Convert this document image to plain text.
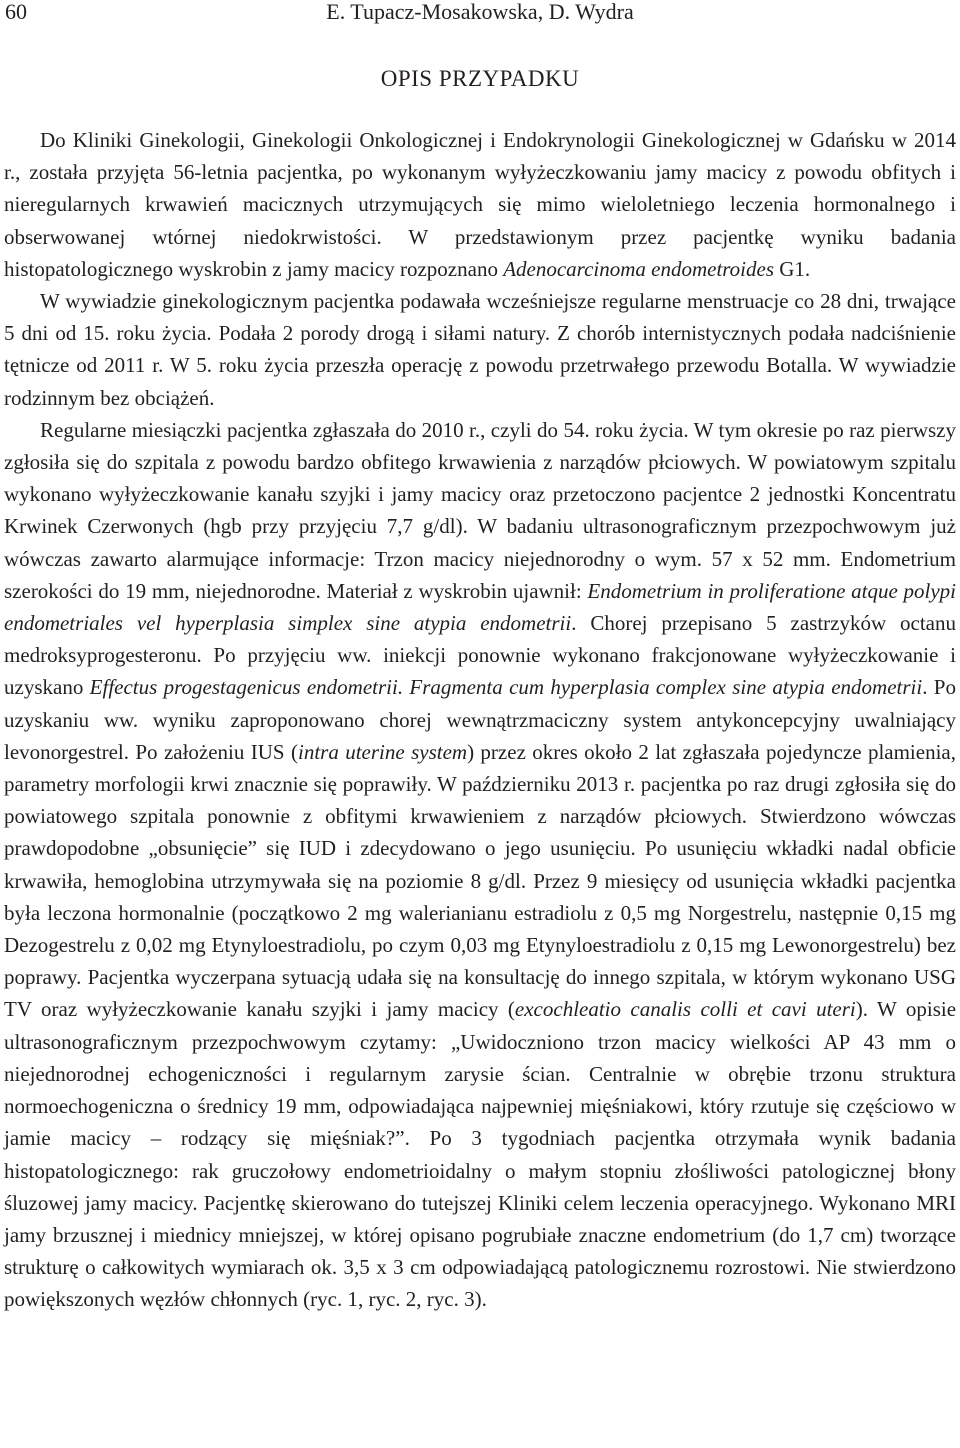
60	E. Tupacz-Mosakowska, D. Wydra
OPIS PRZYPADKU

Do Kliniki Ginekologii, Ginekologii Onkologicznej i Endokrynologii Ginekologicznej w Gdańsku w 2014 r., została przyjęta 56-letnia pacjentka, po wykonanym wyłyżeczkowaniu jamy macicy z powodu obfitych i nieregularnych krwawień macicznych utrzymujących się mimo wieloletniego leczenia hormonalnego i obserwowanej wtórnej niedokrwistości. W przedstawionym przez pacjentkę wyniku badania histopatologicznego wyskrobin z jamy macicy rozpoznano Adenocarcinoma endometroides G1.

W wywiadzie ginekologicznym pacjentka podawała wcześniejsze regularne menstruacje co 28 dni, trwające 5 dni od 15. roku życia. Podała 2 porody drogą i siłami natury. Z chorób internistycznych podała nadciśnienie tętnicze od 2011 r. W 5. roku życia przeszła operację z powodu przetrwałego przewodu Botalla. W wywiadzie rodzinnym bez obciążeń.

Regularne miesiączki pacjentka zgłaszała do 2010 r., czyli do 54. roku życia. W tym okresie po raz pierwszy zgłosiła się do szpitala z powodu bardzo obfitego krwawienia z narządów płciowych. W powiatowym szpitalu wykonano wyłyżeczkowanie kanału szyjki i jamy macicy oraz przetoczono pacjentce 2 jednostki Koncentratu Krwinek Czerwonych (hgb przy przyjęciu 7,7 g/dl). W badaniu ultrasonograficznym przezpochwowym już wówczas zawarto alarmujące informacje: Trzon macicy niejednorodny o wym. 57 x 52 mm. Endometrium szerokości do 19 mm, niejednorodne. Materiał z wyskrobin ujawnił: Endometrium in proliferatione atque polypi endometriales vel hyperplasia simplex sine atypia endometrii. Chorej przepisano 5 zastrzyków octanu medroksyprogesteronu. Po przyjęciu ww. iniekcji ponownie wykonano frakcjonowane wyłyżeczkowanie i uzyskano Effectus progestagenicus endometrii. Fragmenta cum hyperplasia complex sine atypia endometrii. Po uzyskaniu ww. wyniku zaproponowano chorej wewnątrzmaciczny system antykoncepcyjny uwalniający levonorgestrel. Po założeniu IUS (intra uterine system) przez okres około 2 lat zgłaszała pojedyncze plamienia, parametry morfologii krwi znacznie się poprawiły. W październiku 2013 r. pacjentka po raz drugi zgłosiła się do powiatowego szpitala ponownie z obfitymi krwawieniem z narządów płciowych. Stwierdzono wówczas prawdopodobne „obsunięcie” się IUD i zdecydowano o jego usunięciu. Po usunięciu wkładki nadal obficie krwawiła, hemoglobina utrzymywała się na poziomie 8 g/dl. Przez 9 miesięcy od usunięcia wkładki pacjentka była leczona hormonalnie (początkowo 2 mg walerianianu estradiolu z 0,5 mg Norgestrelu, następnie 0,15 mg Dezogestrelu z 0,02 mg Etynyloestradiolu, po czym 0,03 mg Etynyloestradiolu z 0,15 mg Lewonorgestrelu) bez poprawy. Pacjentka wyczerpana sytuacją udała się na konsultację do innego szpitala, w którym wykonano USG TV oraz wyłyżeczkowanie kanału szyjki i jamy macicy (excochleatio canalis colli et cavi uteri). W opisie ultrasonograficznym przezpochwowym czytamy: „Uwidoczniono trzon macicy wielkości AP 43 mm o niejednorodnej echogeniczności i regularnym zarysie ścian. Centralnie w obrębie trzonu struktura normoechogeniczna o średnicy 19 mm, odpowiadająca najpewniej mięśniakowi, który rzutuje się częściowo w jamie macicy – rodzący się mięśniak?”. Po 3 tygodniach pacjentka otrzymała wynik badania histopatologicznego: rak gruczołowy endometrioidalny o małym stopniu złośliwości patologicznej błony śluzowej jamy macicy. Pacjentkę skierowano do tutejszej Kliniki celem leczenia operacyjnego. Wykonano MRI jamy brzusznej i miednicy mniejszej, w której opisano pogrubiałe znaczne endometrium (do 1,7 cm) tworzące strukturę o całkowitych wymiarach ok. 3,5 x 3 cm odpowiadającą patologicznemu rozrostowi. Nie stwierdzono powiększonych węzłów chłonnych (ryc. 1, ryc. 2, ryc. 3).
